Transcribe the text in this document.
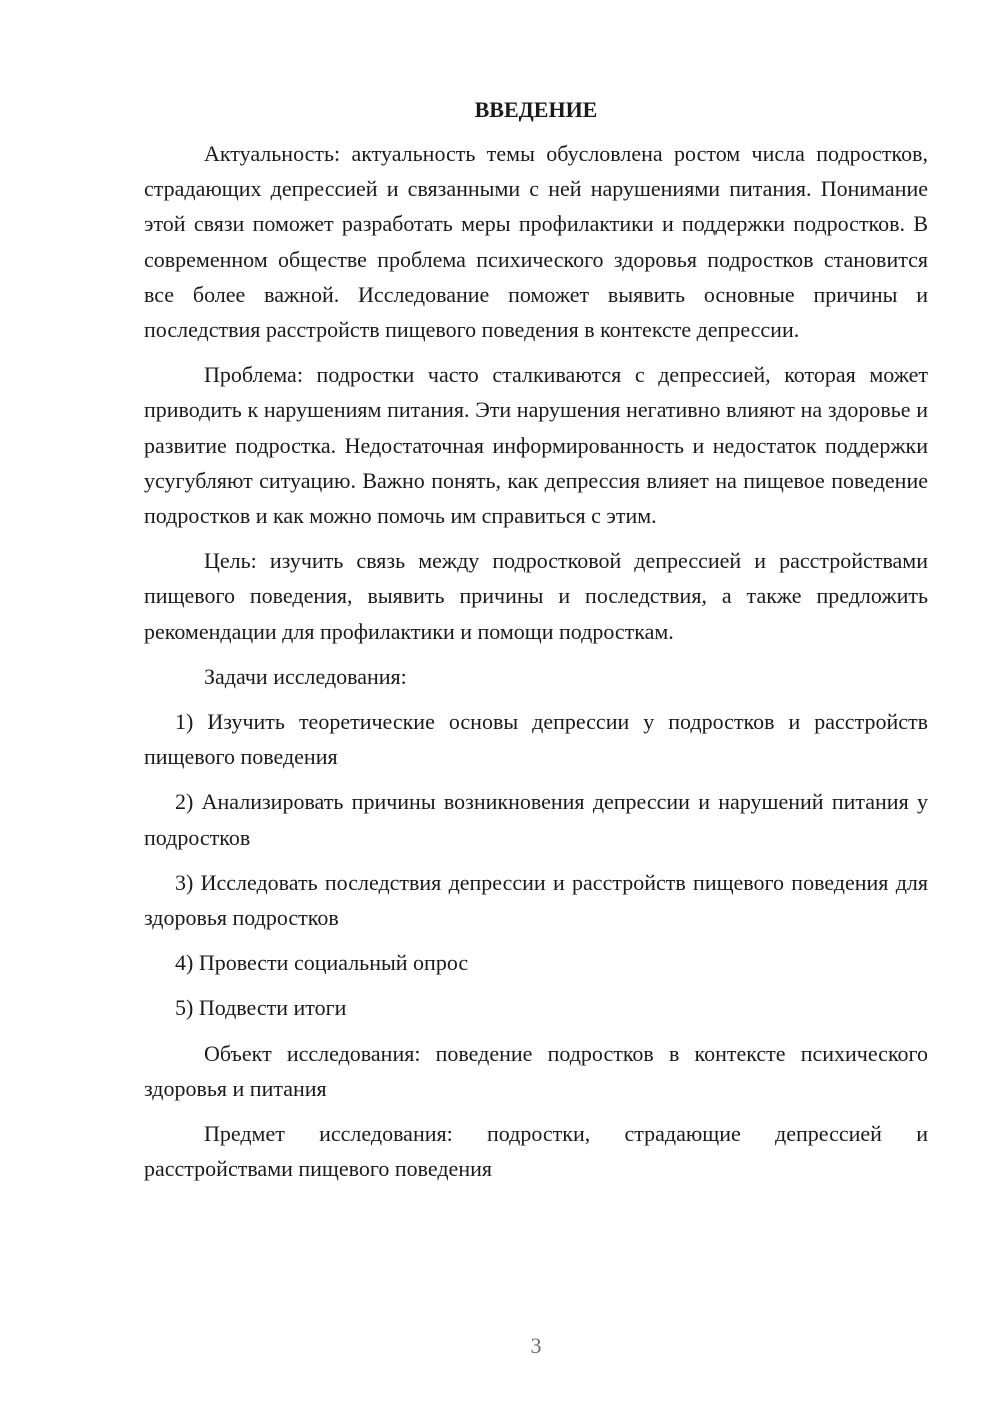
ВВЕДЕНИЕ

Актуальность: актуальность темы обусловлена ростом числа подростков, страдающих депрессией и связанными с ней нарушениями питания. Понимание этой связи поможет разработать меры профилактики и поддержки подростков. В современном обществе проблема психического здоровья подростков становится все более важной. Исследование поможет выявить основные причины и последствия расстройств пищевого поведения в контексте депрессии.

Проблема: подростки часто сталкиваются с депрессией, которая может приводить к нарушениям питания. Эти нарушения негативно влияют на здоровье и развитие подростка. Недостаточная информированность и недостаток поддержки усугубляют ситуацию. Важно понять, как депрессия влияет на пищевое поведение подростков и как можно помочь им справиться с этим.

Цель: изучить связь между подростковой депрессией и расстройствами пищевого поведения, выявить причины и последствия, а также предложить рекомендации для профилактики и помощи подросткам.

Задачи исследования:

1) Изучить теоретические основы депрессии у подростков и расстройств пищевого поведения

2) Анализировать причины возникновения депрессии и нарушений питания у подростков

3) Исследовать последствия депрессии и расстройств пищевого поведения для здоровья подростков

4) Провести социальный опрос

5) Подвести итоги

Объект исследования: поведение подростков в контексте психического здоровья и питания

Предмет исследования: подростки, страдающие депрессией и расстройствами пищевого поведения

3
